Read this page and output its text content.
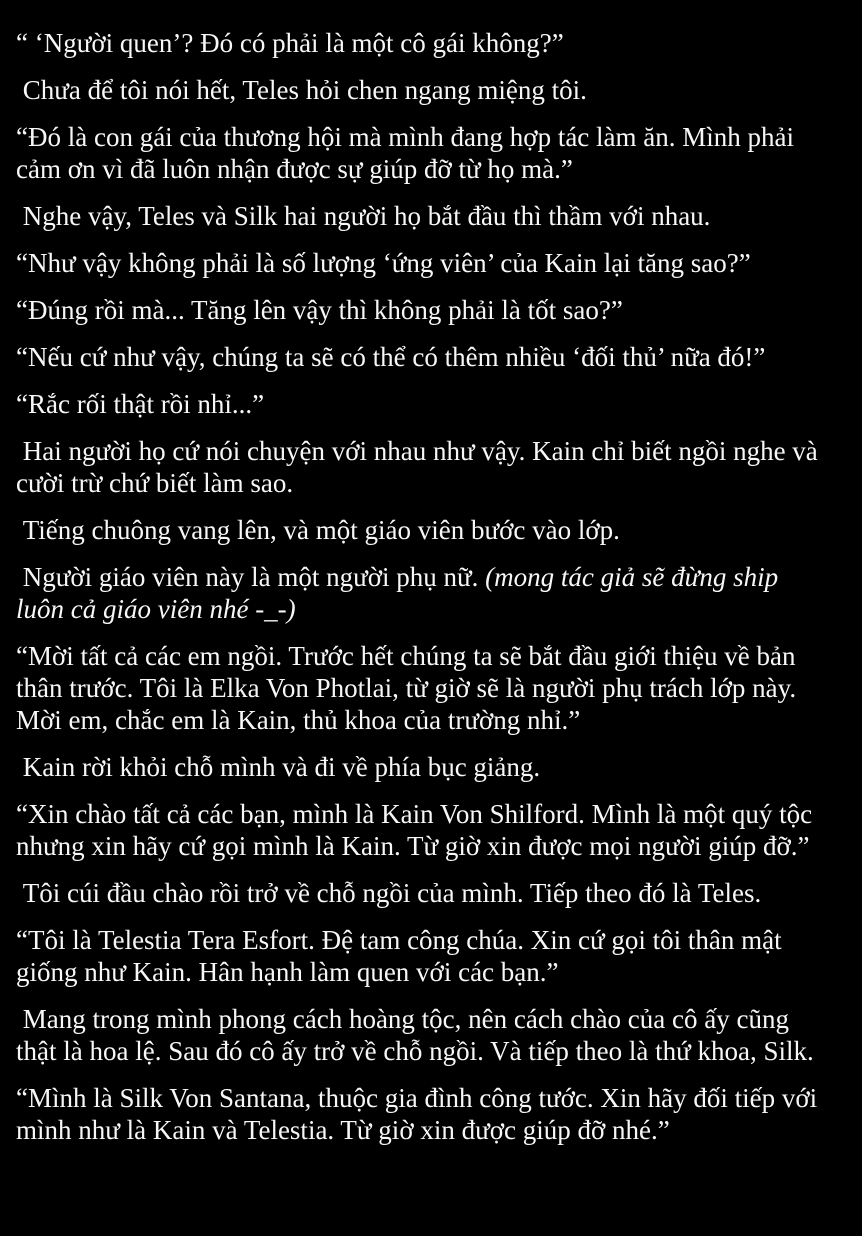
“ ‘Người quen’? Đó có phải là một cô gái không?”

Chưa để tôi nói hết, Teles hỏi chen ngang miệng tôi.

“Đó là con gái của thương hội mà mình đang hợp tác làm ăn. Mình phải cảm ơn vì đã luôn nhận được sự giúp đỡ từ họ mà.”

Nghe vậy, Teles và Silk hai người họ bắt đầu thì thầm với nhau.

“Như vậy không phải là số lượng ‘ứng viên’ của Kain lại tăng sao?”

“Đúng rồi mà... Tăng lên vậy thì không phải là tốt sao?”

“Nếu cứ như vậy, chúng ta sẽ có thể có thêm nhiều ‘đối thủ’ nữa đó!”

“Rắc rối thật rồi nhỉ...”

Hai người họ cứ nói chuyện với nhau như vậy. Kain chỉ biết ngồi nghe và cười trừ chứ biết làm sao.

Tiếng chuông vang lên, và một giáo viên bước vào lớp.

Người giáo viên này là một người phụ nữ. (mong tác giả sẽ đừng ship luôn cả giáo viên nhé -_-)

“Mời tất cả các em ngồi. Trước hết chúng ta sẽ bắt đầu giới thiệu về bản thân trước. Tôi là Elka Von Photlai, từ giờ sẽ là người phụ trách lớp này. Mời em, chắc em là Kain, thủ khoa của trường nhỉ.”

Kain rời khỏi chỗ mình và đi về phía bục giảng.

“Xin chào tất cả các bạn, mình là Kain Von Shilford. Mình là một quý tộc nhưng xin hãy cứ gọi mình là Kain. Từ giờ xin được mọi người giúp đỡ.”

Tôi cúi đầu chào rồi trở về chỗ ngồi của mình. Tiếp theo đó là Teles.

“Tôi là Telestia Tera Esfort. Đệ tam công chúa. Xin cứ gọi tôi thân mật giống như Kain. Hân hạnh làm quen với các bạn.”

Mang trong mình phong cách hoàng tộc, nên cách chào của cô ấy cũng thật là hoa lệ. Sau đó cô ấy trở về chỗ ngồi. Và tiếp theo là thứ khoa, Silk.

“Mình là Silk Von Santana, thuộc gia đình công tước. Xin hãy đối tiếp với mình như là Kain và Telestia. Từ giờ xin được giúp đỡ nhé.”
